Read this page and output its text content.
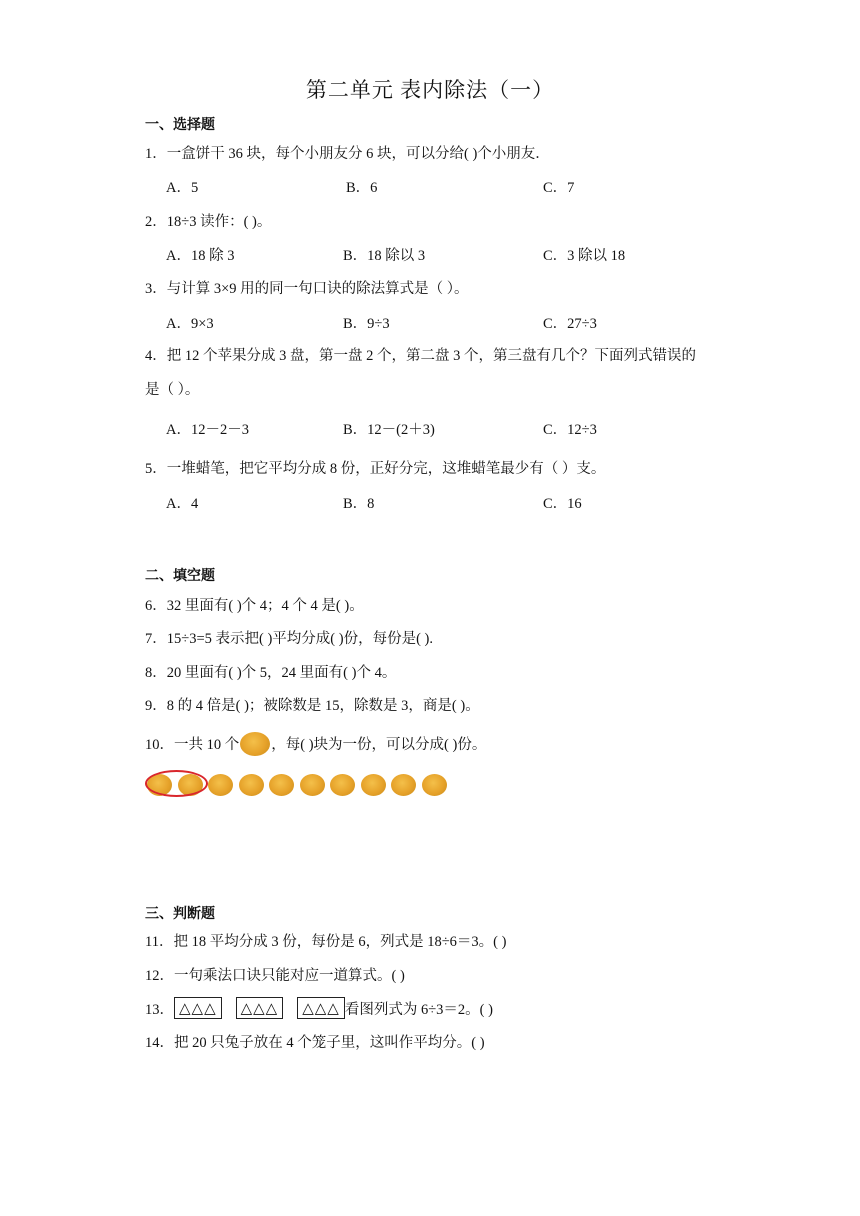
第二单元 表内除法（一）
一、选择题
1．一盒饼干 36 块，每个小朋友分 6 块，可以分给( )个小朋友．
A．5	B．6	C．7
2．18÷3 读作：( )。
A．18 除 3	B．18 除以 3	C．3 除以 18
3．与计算 3×9 用的同一句口诀的除法算式是（ ）。
A．9×3	B．9÷3	C．27÷3
4．把 12 个苹果分成 3 盘，第一盘 2 个，第二盘 3 个，第三盘有几个？下面列式错误的
是（ ）。
A．12－2－3	B．12－(2＋3)	C．12÷3
5．一堆蜡笔，把它平均分成 8 份，正好分完，这堆蜡笔最少有（ ）支。
A．4	B．8	C．16
二、填空题
6．32 里面有( )个 4；4 个 4 是( )。
7．15÷3=5 表示把( )平均分成( )份，每份是( ).
8．20 里面有( )个 5，24 里面有( )个 4。
9．8 的 4 倍是( )；被除数是 15，除数是 3，商是( )。
10．一共 10 个 ，每( )块为一份，可以分成( )份。
三、判断题
11．把 18 平均分成 3 份，每份是 6，列式是 18÷6＝3。( )
12．一句乘法口诀只能对应一道算式。( )
13． △△△ △△△ △△△ 看图列式为 6÷3＝2。( )
14．把 20 只兔子放在 4 个笼子里，这叫作平均分。( )
